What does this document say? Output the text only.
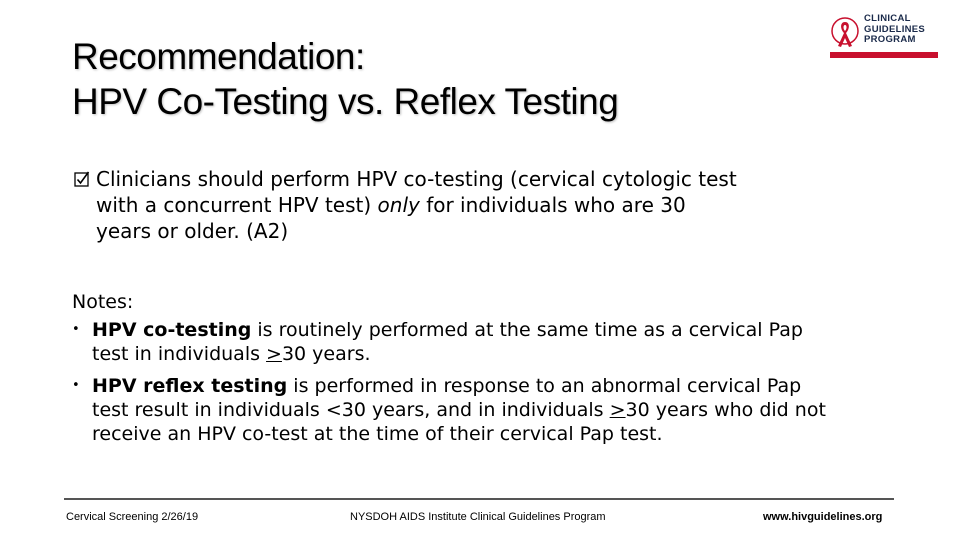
Recommendation:
HPV Co-Testing vs. Reflex Testing
CLINICAL
GUIDELINES
PROGRAM
Clinicians should perform HPV co-testing (cervical cytologic test
with a concurrent HPV test) only for individuals who are 30
years or older. (A2)
Notes:
• HPV co-testing is routinely performed at the same time as a cervical Pap
test in individuals >30 years.
• HPV reflex testing is performed in response to an abnormal cervical Pap
test result in individuals <30 years, and in individuals >30 years who did not
receive an HPV co-test at the time of their cervical Pap test.
Cervical Screening 2/26/19	NYSDOH AIDS Institute Clinical Guidelines Program	www.hivguidelines.org
